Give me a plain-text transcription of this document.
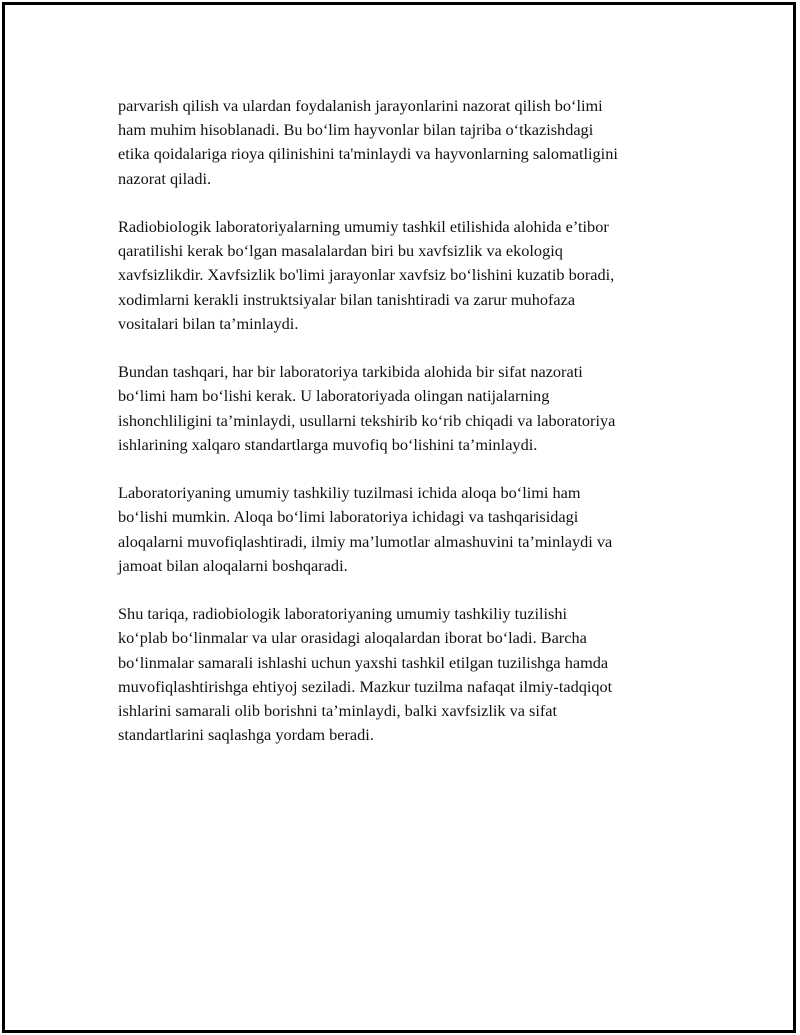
parvarish qilish va ulardan foydalanish jarayonlarini nazorat qilish boʻlimi
ham muhim hisoblanadi. Bu boʻlim hayvonlar bilan tajriba oʻtkazishdagi
etika qoidalariga rioya qilinishini ta'minlaydi va hayvonlarning salomatligini
nazorat qiladi.

Radiobiologik laboratoriyalarning umumiy tashkil etilishida alohida e’tibor
qaratilishi kerak boʻlgan masalalardan biri bu xavfsizlik va ekologiq
xavfsizlikdir. Xavfsizlik bo'limi jarayonlar xavfsiz boʻlishini kuzatib boradi,
xodimlarni kerakli instruktsiyalar bilan tanishtiradi va zarur muhofaza
vositalari bilan ta’minlaydi.

Bundan tashqari, har bir laboratoriya tarkibida alohida bir sifat nazorati
boʻlimi ham boʻlishi kerak. U laboratoriyada olingan natijalarning
ishonchliligini ta’minlaydi, usullarni tekshirib koʻrib chiqadi va laboratoriya
ishlarining xalqaro standartlarga muvofiq boʻlishini ta’minlaydi.

Laboratoriyaning umumiy tashkiliy tuzilmasi ichida aloqa boʻlimi ham
boʻlishi mumkin. Aloqa boʻlimi laboratoriya ichidagi va tashqarisidagi
aloqalarni muvofiqlashtiradi, ilmiy ma’lumotlar almashuvini ta’minlaydi va
jamoat bilan aloqalarni boshqaradi.

Shu tariqa, radiobiologik laboratoriyaning umumiy tashkiliy tuzilishi
koʻplab boʻlinmalar va ular orasidagi aloqalardan iborat boʻladi. Barcha
boʻlinmalar samarali ishlashi uchun yaxshi tashkil etilgan tuzilishga hamda
muvofiqlashtirishga ehtiyoj seziladi. Mazkur tuzilma nafaqat ilmiy-tadqiqot
ishlarini samarali olib borishni ta’minlaydi, balki xavfsizlik va sifat
standartlarini saqlashga yordam beradi.
